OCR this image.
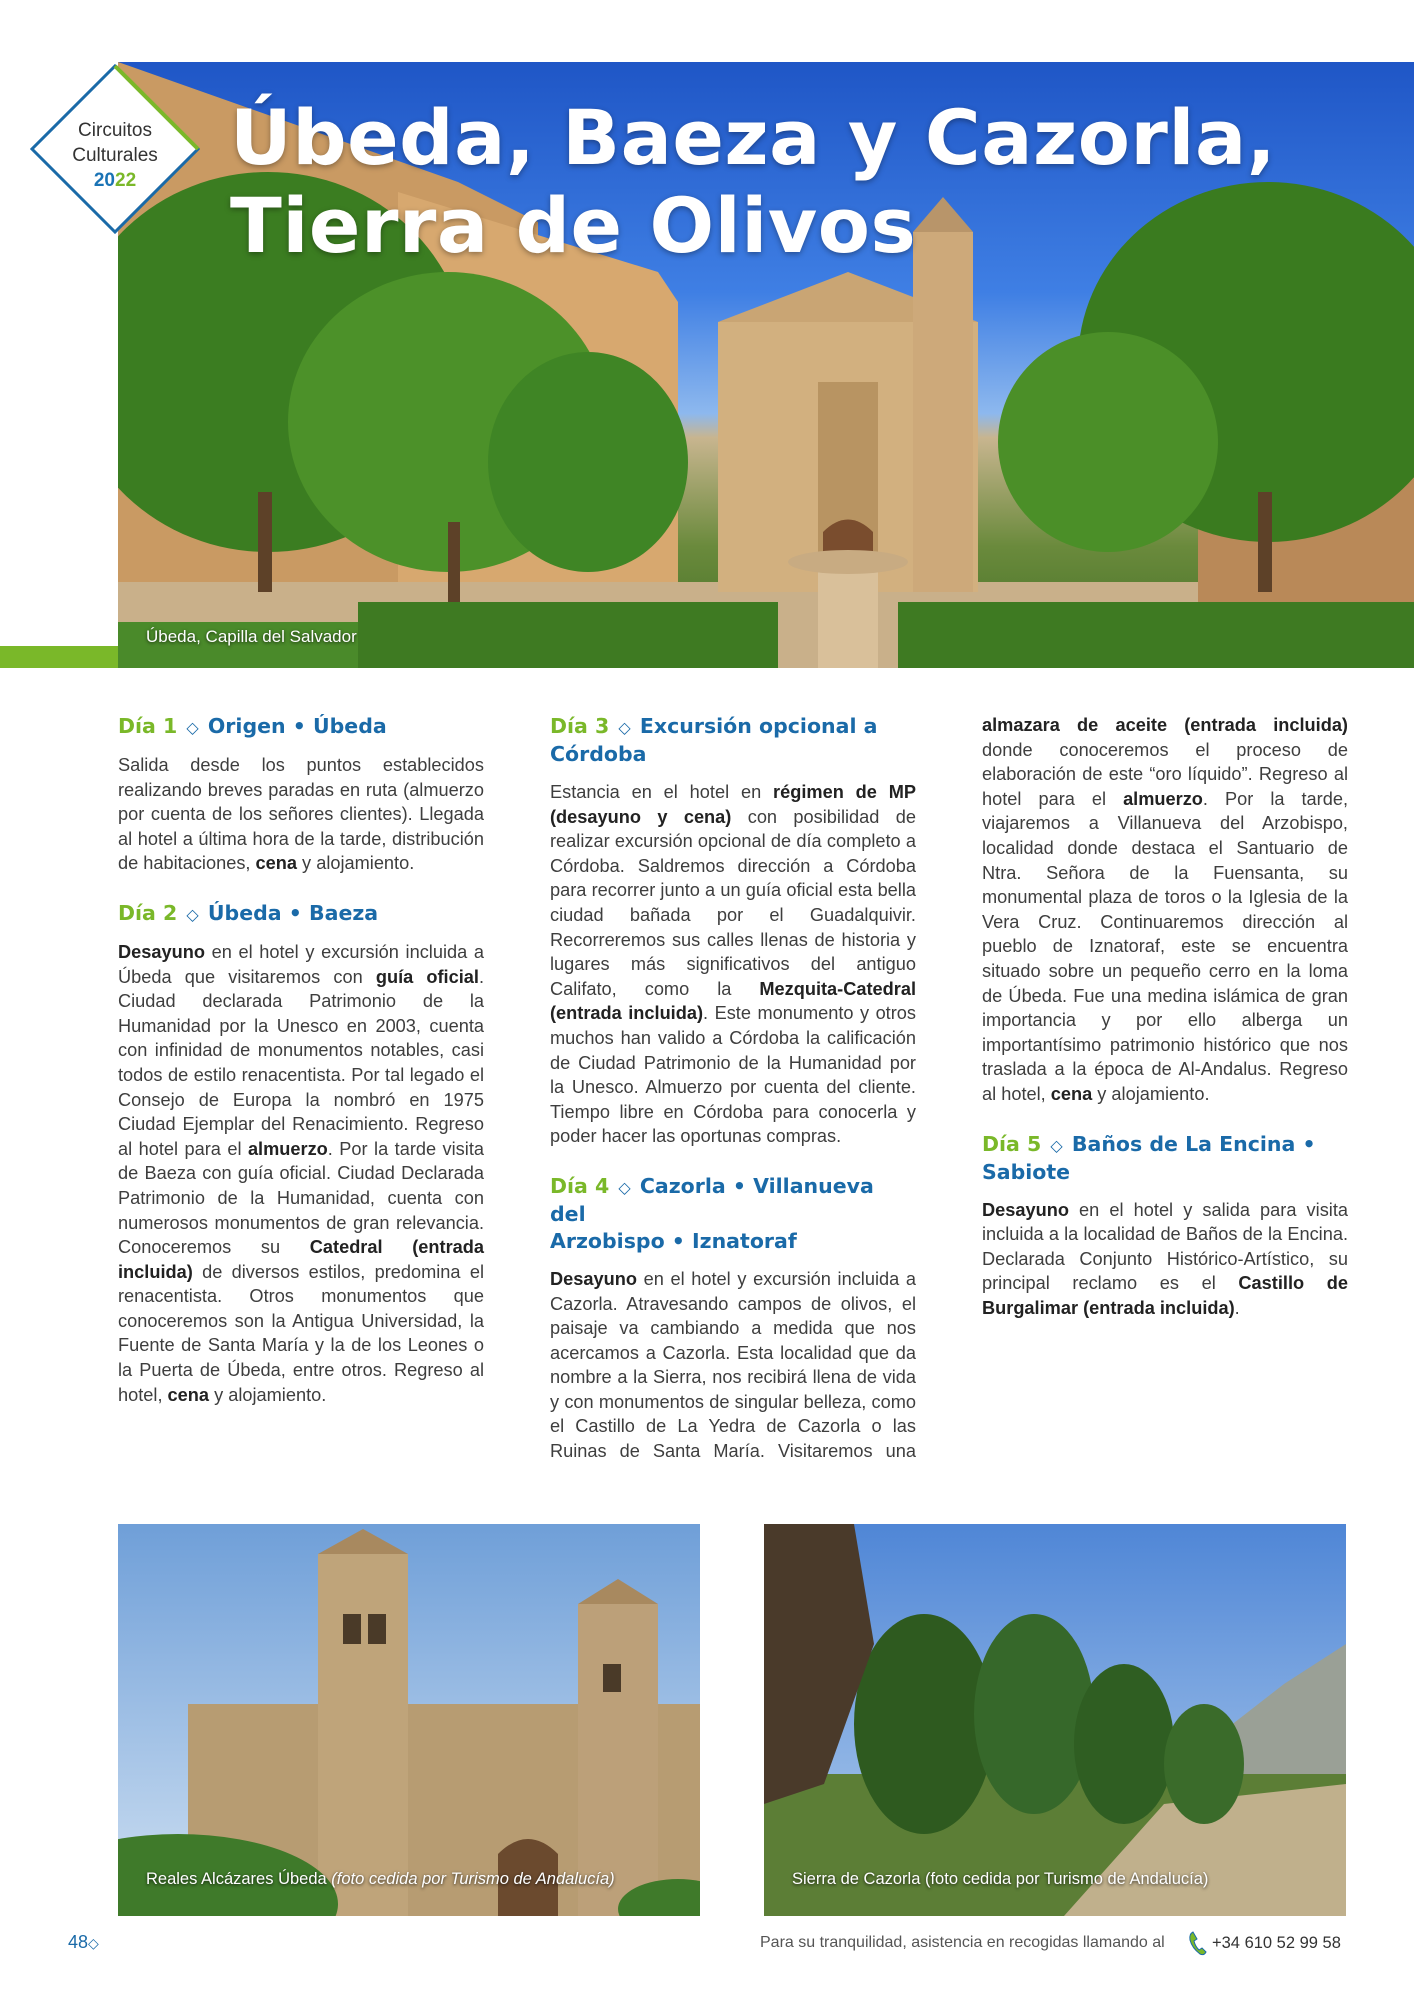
Úbeda, Baeza y Cazorla,
Tierra de Olivos
Úbeda, Capilla del Salvador
Circuitos
Culturales
2022
Día 1 ◇ Origen • Úbeda

Salida desde los puntos establecidos realizando breves paradas en ruta (almuerzo por cuenta de los señores clientes). Llegada al hotel a última hora de la tarde, distribución de habitaciones, cena y alojamiento.

Día 2 ◇ Úbeda • Baeza

Desayuno en el hotel y excursión incluida a Úbeda que visitaremos con guía oficial. Ciudad declarada Patrimonio de la Humanidad por la Unesco en 2003, cuenta con infinidad de monumentos notables, casi todos de estilo renacentista. Por tal legado el Consejo de Europa la nombró en 1975 Ciudad Ejemplar del Renacimiento. Regreso al hotel para el almuerzo. Por la tarde visita de Baeza con guía oficial. Ciudad Declarada Patrimonio de la Humanidad, cuenta con numerosos monumentos de gran relevancia. Conoceremos su Catedral (entrada incluida) de diversos estilos, predomina el renacentista. Otros monumentos que conoceremos son la Antigua Universidad, la Fuente de Santa María y la de los Leones o la Puerta de Úbeda, entre otros. Regreso al hotel, cena y alojamiento.

Día 3 ◇ Excursión opcional a
Córdoba

Estancia en el hotel en régimen de MP (desayuno y cena) con posibilidad de realizar excursión opcional de día completo a Córdoba. Saldremos dirección a Córdoba para recorrer junto a un guía oficial esta bella ciudad bañada por el Guadalquivir. Recorreremos sus calles llenas de historia y lugares más significativos del antiguo Califato, como la Mezquita-Catedral (entrada incluida). Este monumento y otros muchos han valido a Córdoba la calificación de Ciudad Patrimonio de la Humanidad por la Unesco. Almuerzo por cuenta del cliente. Tiempo libre en Córdoba para conocerla y poder hacer las oportunas compras.

Día 4 ◇ Cazorla • Villanueva del
Arzobispo • Iznatoraf

Desayuno en el hotel y excursión incluida a Cazorla. Atravesando campos de olivos, el paisaje va cambiando a medida que nos acercamos a Cazorla. Esta localidad que da nombre a la Sierra, nos recibirá llena de vida y con monumentos de singular belleza, como el Castillo de La Yedra de Cazorla o las Ruinas de Santa María. Visitaremos una almazara de aceite (entrada incluida) donde conoceremos el proceso de elaboración de este “oro líquido”. Regreso al hotel para el almuerzo. Por la tarde, viajaremos a Villanueva del Arzobispo, localidad donde destaca el Santuario de Ntra. Señora de la Fuensanta, su monumental plaza de toros o la Iglesia de la Vera Cruz. Continuaremos dirección al pueblo de Iznatoraf, este se encuentra situado sobre un pequeño cerro en la loma de Úbeda. Fue una medina islámica de gran importancia y por ello alberga un importantísimo patrimonio histórico que nos traslada a la época de Al-Andalus. Regreso al hotel, cena y alojamiento.

Día 5 ◇ Baños de La Encina •
Sabiote

Desayuno en el hotel y salida para visita incluida a la localidad de Baños de la Encina. Declarada Conjunto Histórico-Artístico, su principal reclamo es el Castillo de Burgalimar (entrada incluida).

Reales Alcázares Úbeda (foto cedida por Turismo de Andalucía)	Sierra de Cazorla (foto cedida por Turismo de Andalucía)
48◇	Para su tranquilidad, asistencia en recogidas llamando al	+34 610 52 99 58
